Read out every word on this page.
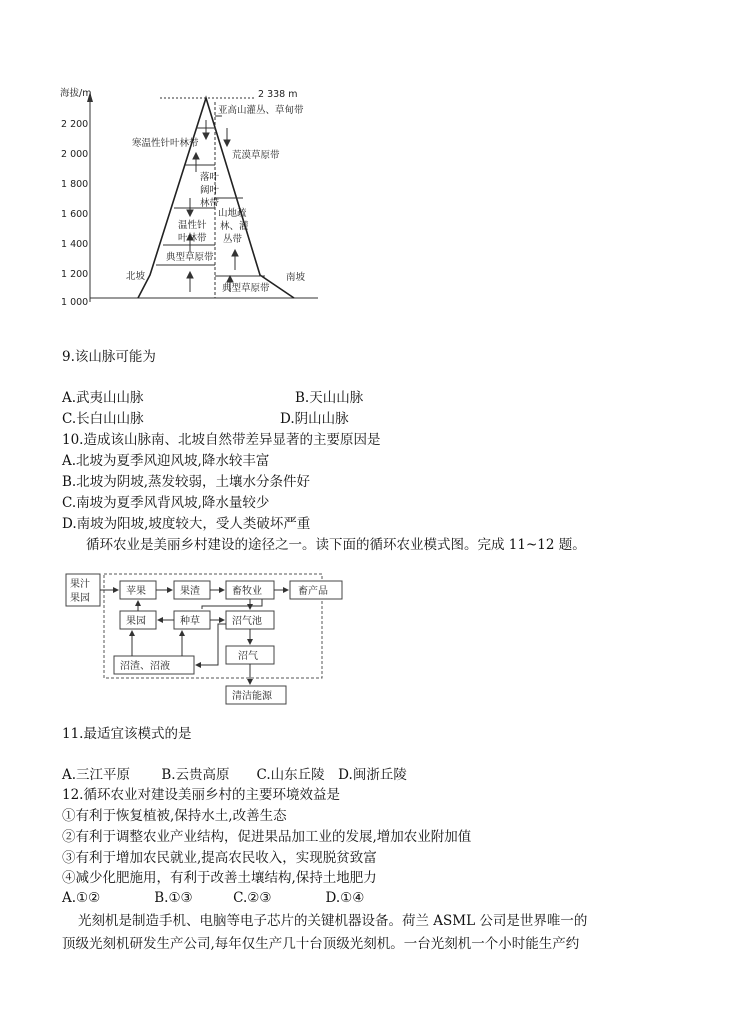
海拔/m
2 200
2 000
1 800
1 600
1 400
1 200
1 000
2 338 m
亚高山灌丛、草甸带
寒温性针叶林带
落叶
阔叶
林带
温性针
叶林带
典型草原带
荒漠草原带
山地疏
林、灌
丛带
典型草原带
北坡	南坡
9.该山脉可能为
A.武夷山山脉	B.天山山脉
C.长白山山脉	D.阴山山脉
10.造成该山脉南、北坡自然带差异显著的主要原因是
A.北坡为夏季风迎风坡,降水较丰富
B.北坡为阴坡,蒸发较弱，土壤水分条件好
C.南坡为夏季风背风坡,降水量较少
D.南坡为阳坡,坡度较大，受人类破坏严重
循环农业是美丽乡村建设的途径之一。读下面的循环农业模式图。完成 11~12 题。
果汁
果园
苹果	果渣	畜牧业	畜产品
果园	种草	沼气池
沼气
沼渣、沼液
清洁能源
11.最适宜该模式的是
A.三江平原　　 B.云贵高原　　C.山东丘陵　D.闽浙丘陵
12.循环农业对建设美丽乡村的主要环境效益是
①有利于恢复植被,保持水土,改善生态
②有利于调整农业产业结构，促进果品加工业的发展,增加农业附加值
③有利于增加农民就业,提高农民收入，实现脱贫致富
④减少化肥施用，有利于改善土壤结构,保持土地肥力
A.①②　　　　B.①③　　　C.②③　　　　D.①④
光刻机是制造手机、电脑等电子芯片的关键机器设备。荷兰 ASML 公司是世界唯一的
顶级光刻机研发生产公司,每年仅生产几十台顶级光刻机。一台光刻机一个小时能生产约
